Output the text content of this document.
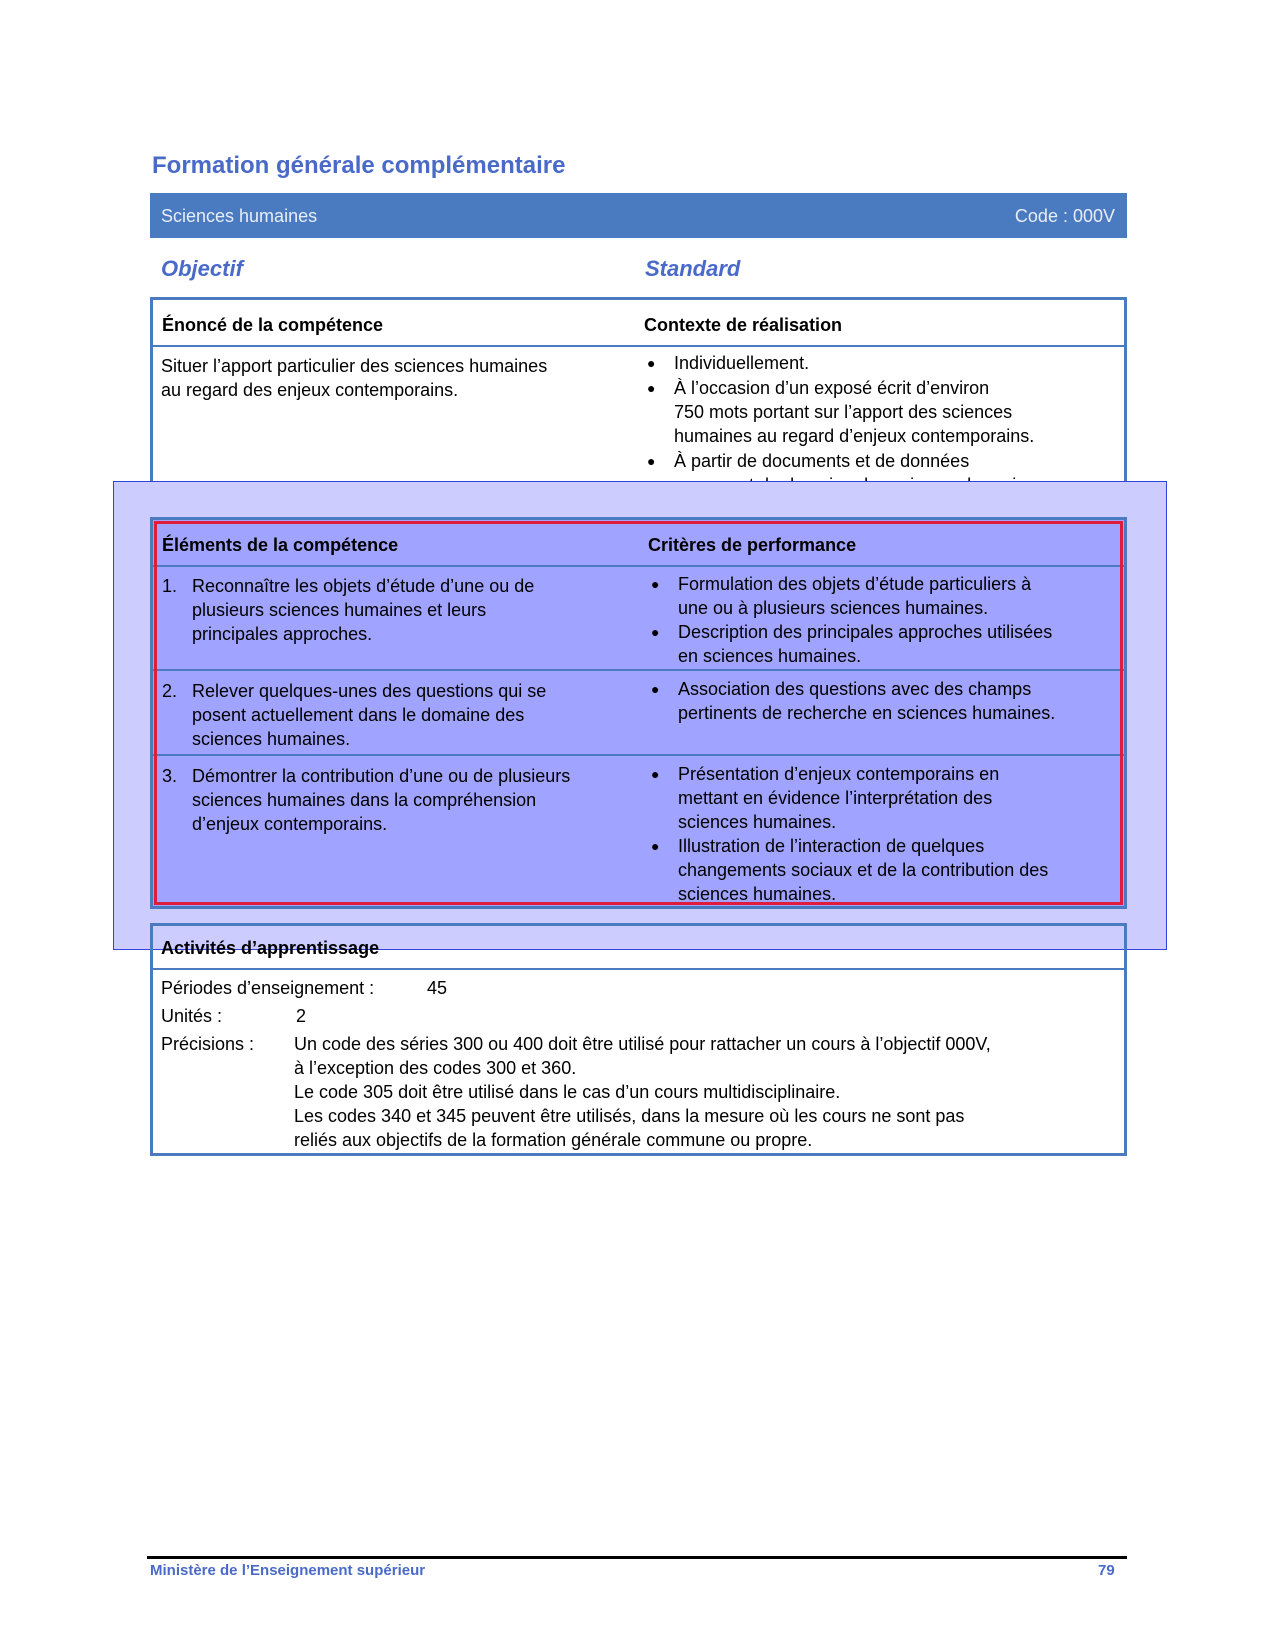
Formation générale complémentaire
Sciences humaines	Code : 000V
Objectif	Standard
Énoncé de la compétence	Contexte de réalisation
Situer l’apport particulier des sciences humaines
au regard des enjeux contemporains.
● Individuellement.
● À l’occasion d’un exposé écrit d’environ
750 mots portant sur l’apport des sciences
humaines au regard d’enjeux contemporains.
● À partir de documents et de données
Éléments de la compétence	Critères de performance
1. Reconnaître les objets d’étude d’une ou de
plusieurs sciences humaines et leurs
principales approches.
● Formulation des objets d’étude particuliers à
une ou à plusieurs sciences humaines.
● Description des principales approches utilisées
en sciences humaines.
2. Relever quelques-unes des questions qui se
posent actuellement dans le domaine des
sciences humaines.
● Association des questions avec des champs
pertinents de recherche en sciences humaines.
3. Démontrer la contribution d’une ou de plusieurs
sciences humaines dans la compréhension
d’enjeux contemporains.
● Présentation d’enjeux contemporains en
mettant en évidence l’interprétation des
sciences humaines.
● Illustration de l’interaction de quelques
changements sociaux et de la contribution des
sciences humaines.
Activités d’apprentissage
Périodes d’enseignement :	45
Unités :	2
Précisions : Un code des séries 300 ou 400 doit être utilisé pour rattacher un cours à l’objectif 000V,
à l’exception des codes 300 et 360.
Le code 305 doit être utilisé dans le cas d’un cours multidisciplinaire.
Les codes 340 et 345 peuvent être utilisés, dans la mesure où les cours ne sont pas
reliés aux objectifs de la formation générale commune ou propre.
Ministère de l’Enseignement supérieur	79
